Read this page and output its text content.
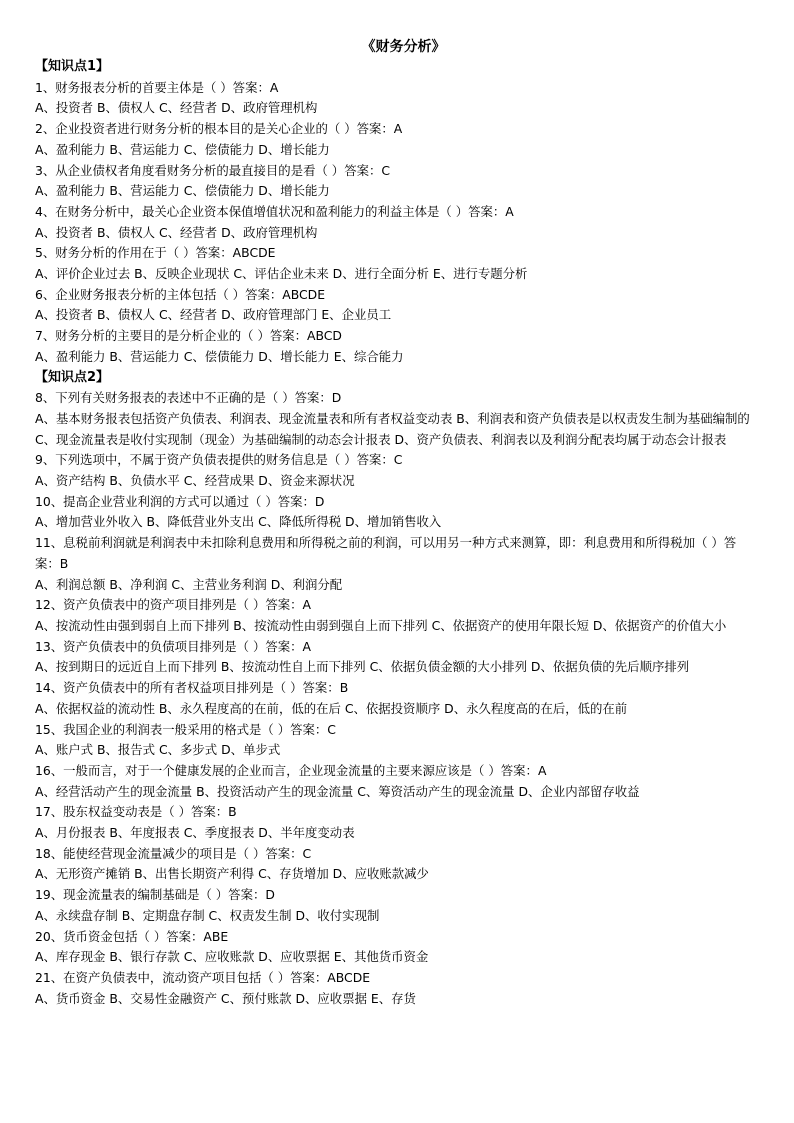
《财务分析》
【知识点1】
1、财务报表分析的首要主体是（ ）答案：A
A、投资者 B、债权人 C、经营者 D、政府管理机构
2、企业投资者进行财务分析的根本目的是关心企业的（ ）答案：A
A、盈利能力 B、营运能力 C、偿债能力 D、增长能力
3、从企业债权者角度看财务分析的最直接目的是看（ ）答案：C
A、盈利能力 B、营运能力 C、偿债能力 D、增长能力
4、在财务分析中，最关心企业资本保值增值状况和盈利能力的利益主体是（ ）答案：A
A、投资者 B、债权人 C、经营者 D、政府管理机构
5、财务分析的作用在于（ ）答案：ABCDE
A、评价企业过去 B、反映企业现状 C、评估企业未来 D、进行全面分析 E、进行专题分析
6、企业财务报表分析的主体包括（ ）答案：ABCDE
A、投资者 B、债权人 C、经营者 D、政府管理部门 E、企业员工
7、财务分析的主要目的是分析企业的（ ）答案：ABCD
A、盈利能力 B、营运能力 C、偿债能力 D、增长能力 E、综合能力
【知识点2】
8、下列有关财务报表的表述中不正确的是（ ）答案：D
A、基本财务报表包括资产负债表、利润表、现金流量表和所有者权益变动表 B、利润表和资产负债表是以权责发生制为基础编制的 C、现金流量表是收付实现制（现金）为基础编制的动态会计报表 D、资产负债表、利润表以及利润分配表均属于动态会计报表
9、下列选项中，不属于资产负债表提供的财务信息是（ ）答案：C
A、资产结构 B、负债水平 C、经营成果 D、资金来源状况
10、提高企业营业利润的方式可以通过（ ）答案：D
A、增加营业外收入 B、降低营业外支出 C、降低所得税 D、增加销售收入
11、息税前利润就是利润表中未扣除利息费用和所得税之前的利润，可以用另一种方式来测算，即：利息费用和所得税加（ ）答案：B
A、利润总额 B、净利润 C、主营业务利润 D、利润分配
12、资产负债表中的资产项目排列是（ ）答案：A
A、按流动性由强到弱自上而下排列 B、按流动性由弱到强自上而下排列 C、依据资产的使用年限长短 D、依据资产的价值大小
13、资产负债表中的负债项目排列是（ ）答案：A
A、按到期日的远近自上而下排列 B、按流动性自上而下排列 C、依据负债金额的大小排列 D、依据负债的先后顺序排列
14、资产负债表中的所有者权益项目排列是（ ）答案：B
A、依据权益的流动性 B、永久程度高的在前，低的在后 C、依据投资顺序 D、永久程度高的在后，低的在前
15、我国企业的利润表一般采用的格式是（ ）答案：C
A、账户式 B、报告式 C、多步式 D、单步式
16、一般而言，对于一个健康发展的企业而言，企业现金流量的主要来源应该是（ ）答案：A
A、经营活动产生的现金流量 B、投资活动产生的现金流量 C、筹资活动产生的现金流量 D、企业内部留存收益
17、股东权益变动表是（ ）答案：B
A、月份报表 B、年度报表 C、季度报表 D、半年度变动表
18、能使经营现金流量减少的项目是（ ）答案：C
A、无形资产摊销 B、出售长期资产利得 C、存货增加 D、应收账款减少
19、现金流量表的编制基础是（ ）答案：D
A、永续盘存制 B、定期盘存制 C、权责发生制 D、收付实现制
20、货币资金包括（ ）答案：ABE
A、库存现金 B、银行存款 C、应收账款 D、应收票据 E、其他货币资金
21、在资产负债表中，流动资产项目包括（ ）答案：ABCDE
A、货币资金 B、交易性金融资产 C、预付账款 D、应收票据 E、存货
